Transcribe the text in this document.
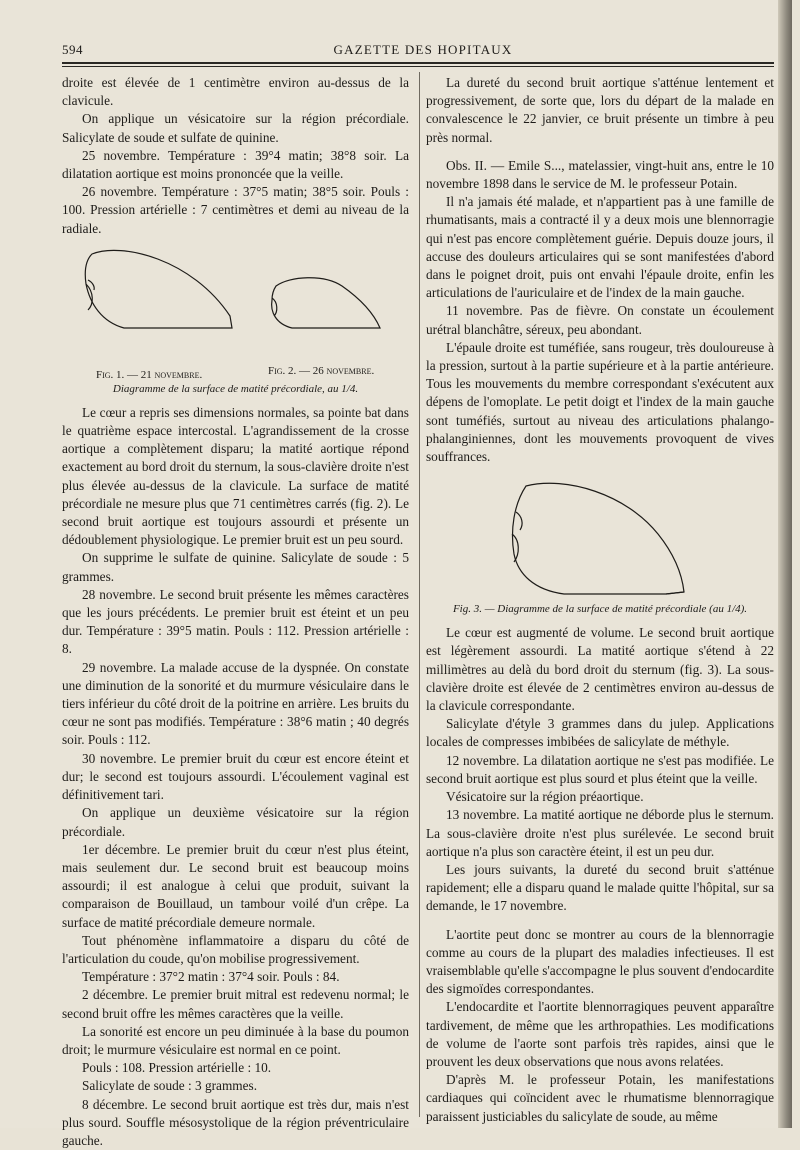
594	GAZETTE DES HOPITAUX

droite est élevée de 1 centimètre environ au-dessus de la clavicule.

On applique un vésicatoire sur la région précordiale. Salicylate de soude et sulfate de quinine.

25 novembre. Température : 39°4 matin; 38°8 soir. La dilatation aortique est moins prononcée que la veille.

26 novembre. Température : 37°5 matin; 38°5 soir. Pouls : 100. Pression artérielle : 7 centimètres et demi au niveau de la radiale.

Fig. 1. — 21 novembre.	Fig. 2. — 26 novembre.
Diagramme de la surface de matité précordiale, au 1/4.

Le cœur a repris ses dimensions normales, sa pointe bat dans le quatrième espace intercostal. L'agrandissement de la crosse aortique a complètement disparu; la matité aortique répond exactement au bord droit du sternum, la sous-clavière droite n'est plus élevée au-dessus de la clavicule. La surface de matité précordiale ne mesure plus que 71 centimètres carrés (fig. 2). Le second bruit aortique est toujours assourdi et présente un dédoublement physiologique. Le premier bruit est un peu sourd.

On supprime le sulfate de quinine. Salicylate de soude : 5 grammes.

28 novembre. Le second bruit présente les mêmes caractères que les jours précédents. Le premier bruit est éteint et un peu dur. Température : 39°5 matin. Pouls : 112. Pression artérielle : 8.

29 novembre. La malade accuse de la dyspnée. On constate une diminution de la sonorité et du murmure vésiculaire dans le tiers inférieur du côté droit de la poitrine en arrière. Les bruits du cœur ne sont pas modifiés. Température : 38°6 matin ; 40 degrés soir. Pouls : 112.

30 novembre. Le premier bruit du cœur est encore éteint et dur; le second est toujours assourdi. L'écoulement vaginal est définitivement tari.

On applique un deuxième vésicatoire sur la région précordiale.

1er décembre. Le premier bruit du cœur n'est plus éteint, mais seulement dur. Le second bruit est beaucoup moins assourdi; il est analogue à celui que produit, suivant la comparaison de Bouillaud, un tambour voilé d'un crêpe. La surface de matité précordiale demeure normale.

Tout phénomène inflammatoire a disparu du côté de l'articulation du coude, qu'on mobilise progressivement.

Température : 37°2 matin : 37°4 soir. Pouls : 84.

2 décembre. Le premier bruit mitral est redevenu normal; le second bruit offre les mêmes caractères que la veille.

La sonorité est encore un peu diminuée à la base du poumon droit; le murmure vésiculaire est normal en ce point.

Pouls : 108. Pression artérielle : 10.

Salicylate de soude : 3 grammes.

8 décembre. Le second bruit aortique est très dur, mais n'est plus sourd. Souffle mésosystolique de la région préventriculaire gauche.

La dureté du second bruit aortique s'atténue lentement et progressivement, de sorte que, lors du départ de la malade en convalescence le 22 janvier, ce bruit présente un timbre à peu près normal.

Obs. II. — Emile S..., matelassier, vingt-huit ans, entre le 10 novembre 1898 dans le service de M. le professeur Potain.

Il n'a jamais été malade, et n'appartient pas à une famille de rhumatisants, mais a contracté il y a deux mois une blennorragie qui n'est pas encore complètement guérie. Depuis douze jours, il accuse des douleurs articulaires qui se sont manifestées d'abord dans le poignet droit, puis ont envahi l'épaule droite, enfin les articulations de l'auriculaire et de l'index de la main gauche.

11 novembre. Pas de fièvre. On constate un écoulement urétral blanchâtre, séreux, peu abondant.

L'épaule droite est tuméfiée, sans rougeur, très douloureuse à la pression, surtout à la partie supérieure et à la partie antérieure. Tous les mouvements du membre correspondant s'exécutent aux dépens de l'omoplate. Le petit doigt et l'index de la main gauche sont tuméfiés, surtout au niveau des articulations phalango-phalanginiennes, dont les mouvements provoquent de vives souffrances.

Fig. 3. — Diagramme de la surface de matité précordiale (au 1/4).

Le cœur est augmenté de volume. Le second bruit aortique est légèrement assourdi. La matité aortique s'étend à 22 millimètres au delà du bord droit du sternum (fig. 3). La sous-clavière droite est élevée de 2 centimètres environ au-dessus de la clavicule correspondante.

Salicylate d'étyle 3 grammes dans du julep. Applications locales de compresses imbibées de salicylate de méthyle.

12 novembre. La dilatation aortique ne s'est pas modifiée. Le second bruit aortique est plus sourd et plus éteint que la veille.

Vésicatoire sur la région préaortique.

13 novembre. La matité aortique ne déborde plus le sternum. La sous-clavière droite n'est plus surélevée. Le second bruit aortique n'a plus son caractère éteint, il est un peu dur.

Les jours suivants, la dureté du second bruit s'atténue rapidement; elle a disparu quand le malade quitte l'hôpital, sur sa demande, le 17 novembre.

L'aortite peut donc se montrer au cours de la blennorragie comme au cours de la plupart des maladies infectieuses. Il est vraisemblable qu'elle s'accompagne le plus souvent d'endocardite des sigmoïdes correspondantes.

L'endocardite et l'aortite blennorragiques peuvent apparaître tardivement, de même que les arthropathies. Les modifications de volume de l'aorte sont parfois très rapides, ainsi que le prouvent les deux observations que nous avons relatées.

D'après M. le professeur Potain, les manifestations cardiaques qui coïncident avec le rhumatisme blennorragique paraissent justiciables du salicylate de soude, au même
